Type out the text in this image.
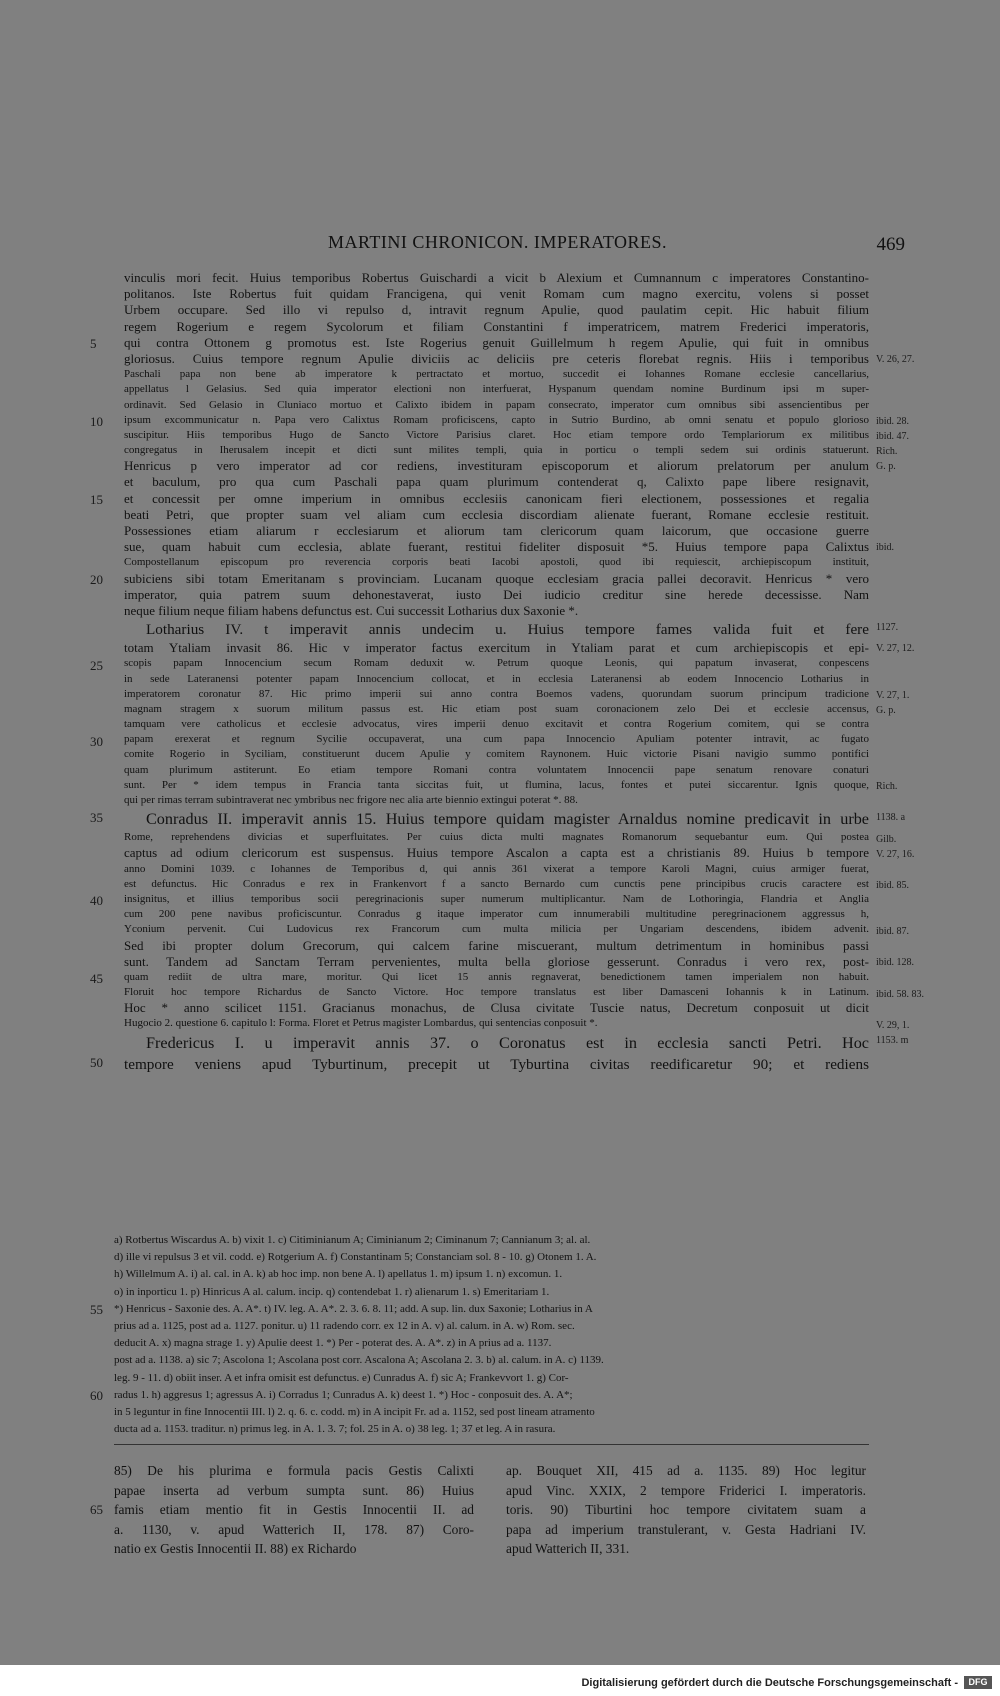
MARTINI CHRONICON. IMPERATORES.	469
vinculis mori fecit. Huius temporibus Robertus Guischardi a vicit b Alexium et Cumnannum c imperatores Constantino-
politanos. Iste Robertus fuit quidam Francigena, qui venit Romam cum magno exercitu, volens si posset
Urbem occupare. Sed illo vi repulso d, intravit regnum Apulie, quod paulatim cepit. Hic habuit filium
regem Rogerium e regem Sycolorum et filiam Constantini f imperatricem, matrem Frederici imperatoris,
qui contra Ottonem g promotus est. Iste Rogerius genuit Guillelmum h regem Apulie, qui fuit in omnibus
gloriosus. Cuius tempore regnum Apulie diviciis ac deliciis pre ceteris florebat regnis. Hiis i temporibus
Paschali papa non bene ab imperatore k pertractato et mortuo, succedit ei Iohannes Romane ecclesie cancellarius,
appellatus l Gelasius. Sed quia imperator electioni non interfuerat, Hyspanum quendam nomine Burdinum ipsi m super-
ordinavit. Sed Gelasio in Cluniaco mortuo et Calixto ibidem in papam consecrato, imperator cum omnibus sibi assencientibus per
ipsum excommunicatur n. Papa vero Calixtus Romam proficiscens, capto in Sutrio Burdino, ab omni senatu et populo glorioso
suscipitur. Hiis temporibus Hugo de Sancto Victore Parisius claret. Hoc etiam tempore ordo Templariorum ex militibus
congregatus in Iherusalem incepit et dicti sunt milites templi, quia in porticu o templi sedem sui ordinis statuerunt.
Henricus p vero imperator ad cor rediens, investituram episcoporum et aliorum prelatorum per anulum
et baculum, pro qua cum Paschali papa quam plurimum contenderat q, Calixto pape libere resignavit,
et concessit per omne imperium in omnibus ecclesiis canonicam fieri electionem, possessiones et regalia
beati Petri, que propter suam vel aliam cum ecclesia discordiam alienate fuerant, Romane ecclesie restituit.
Possessiones etiam aliarum r ecclesiarum et aliorum tam clericorum quam laicorum, que occasione guerre
sue, quam habuit cum ecclesia, ablate fuerant, restitui fideliter disposuit *5. Huius tempore papa Calixtus
Compostellanum episcopum pro reverencia corporis beati Iacobi apostoli, quod ibi requiescit, archiepiscopum instituit,
subiciens sibi totam Emeritanam s provinciam. Lucanam quoque ecclesiam gracia pallei decoravit. Henricus * vero
imperator, quia patrem suum dehonestaverat, iusto Dei iudicio creditur sine herede decessisse. Nam
neque filium neque filiam habens defunctus est. Cui successit Lotharius dux Saxonie *.
Lotharius IV. t imperavit annis undecim u. Huius tempore fames valida fuit et fere
totam Ytaliam invasit 86. Hic v imperator factus exercitum in Ytaliam parat et cum archiepiscopis et epi-
scopis papam Innocencium secum Romam deduxit w. Petrum quoque Leonis, qui papatum invaserat, conpescens
in sede Lateranensi potenter papam Innocencium collocat, et in ecclesia Lateranensi ab eodem Innocencio Lotharius in
imperatorem coronatur 87. Hic primo imperii sui anno contra Boemos vadens, quorundam suorum principum tradicione
magnam stragem x suorum militum passus est. Hic etiam post suam coronacionem zelo Dei et ecclesie accensus,
tamquam vere catholicus et ecclesie advocatus, vires imperii denuo excitavit et contra Rogerium comitem, qui se contra
papam erexerat et regnum Sycilie occupaverat, una cum papa Innocencio Apuliam potenter intravit, ac fugato
comite Rogerio in Syciliam, constituerunt ducem Apulie y comitem Raynonem. Huic victorie Pisani navigio summo pontifici
quam plurimum astiterunt. Eo etiam tempore Romani contra voluntatem Innocencii pape senatum renovare conaturi
sunt. Per * idem tempus in Francia tanta siccitas fuit, ut flumina, lacus, fontes et putei siccarentur. Ignis quoque,
qui per rimas terram subintraverat nec ymbribus nec frigore nec alia arte biennio extingui poterat *. 88.
Conradus II. imperavit annis 15. Huius tempore quidam magister Arnaldus nomine predicavit in urbe
Rome, reprehendens divicias et superfluitates. Per cuius dicta multi magnates Romanorum sequebantur eum. Qui postea
captus ad odium clericorum est suspensus. Huius tempore Ascalon a capta est a christianis 89. Huius b tempore
anno Domini 1039. c Iohannes de Temporibus d, qui annis 361 vixerat a tempore Karoli Magni, cuius armiger fuerat,
est defunctus. Hic Conradus e rex in Frankenvort f a sancto Bernardo cum cunctis pene principibus crucis caractere est
insignitus, et illius temporibus socii peregrinacionis super numerum multiplicantur. Nam de Lothoringia, Flandria et Anglia
cum 200 pene navibus proficiscuntur. Conradus g itaque imperator cum innumerabili multitudine peregrinacionem aggressus h,
Yconium pervenit. Cui Ludovicus rex Francorum cum multa milicia per Ungariam descendens, ibidem advenit.
Sed ibi propter dolum Grecorum, qui calcem farine miscuerant, multum detrimentum in hominibus passi
sunt. Tandem ad Sanctam Terram pervenientes, multa bella gloriose gesserunt. Conradus i vero rex, post-
quam rediit de ultra mare, moritur. Qui licet 15 annis regnaverat, benedictionem tamen imperialem non habuit.
Floruit hoc tempore Richardus de Sancto Victore. Hoc tempore translatus est liber Damasceni Iohannis k in Latinum.
Hoc * anno scilicet 1151. Gracianus monachus, de Clusa civitate Tuscie natus, Decretum conposuit ut dicit
Hugocio 2. questione 6. capitulo l: Forma. Floret et Petrus magister Lombardus, qui sentencias conposuit *.
Fredericus I. u imperavit annis 37. o Coronatus est in ecclesia sancti Petri. Hoc
tempore veniens apud Tyburtinum, precepit ut Tyburtina civitas reedificaretur 90; et rediens
5
V. 26, 27.
10	ibid. 28.
ibid. 47.
Rich.
G. p.
15
ibid.
20
1127.
V. 27, 12.
25
V. 27, 1.
G. p.
30
Rich.
35	1138. a
Gilb.
V. 27, 16.
ibid. 85.
40
ibid. 87.
ibid. 128.
45
ibid. 58. 83.
V. 29, 1.
1153. m
50
55
60
65
a) Rotbertus Wiscardus A. b) vixit 1. c) Citiminianum A; Ciminianum 2; Ciminanum 7; Cannianum 3; al. al.
d) ille vi repulsus 3 et vil. codd. e) Rotgerium A. f) Constantinam 5; Constanciam sol. 8 - 10. g) Otonem 1. A.
h) Willelmum A. i) al. cal. in A. k) ab hoc imp. non bene A. l) apellatus 1. m) ipsum 1. n) excomun. 1.
o) in inporticu 1. p) Hinricus A al. calum. incip. q) contendebat 1. r) alienarum 1. s) Emeritariam 1.
*) Henricus - Saxonie des. A. A*. t) IV. leg. A. A*. 2. 3. 6. 8. 11; add. A sup. lin. dux Saxonie; Lotharius in A
prius ad a. 1125, post ad a. 1127. ponitur. u) 11 radendo corr. ex 12 in A. v) al. calum. in A. w) Rom. sec.
deducit A. x) magna strage 1. y) Apulie deest 1. *) Per - poterat des. A. A*. z) in A prius ad a. 1137.
post ad a. 1138. a) sic 7; Ascolona 1; Ascolana post corr. Ascalona A; Ascolana 2. 3. b) al. calum. in A. c) 1139.
leg. 9 - 11. d) obiit inser. A et infra omisit est defunctus. e) Cunradus A. f) sic A; Frankevvort 1. g) Cor-
radus 1. h) aggresus 1; agressus A. i) Corradus 1; Cunradus A. k) deest 1. *) Hoc - conposuit des. A. A*;
in 5 leguntur in fine Innocentii III. l) 2. q. 6. c. codd. m) in A incipit Fr. ad a. 1152, sed post lineam atramento
ducta ad a. 1153. traditur. n) primus leg. in A. 1. 3. 7; fol. 25 in A. o) 38 leg. 1; 37 et leg. A in rasura.
85) De his plurima e formula pacis Gestis Calixti
papae inserta ad verbum sumpta sunt. 86) Huius
famis etiam mentio fit in Gestis Innocentii II. ad
a. 1130, v. apud Watterich II, 178. 87) Coro-
natio ex Gestis Innocentii II. 88) ex Richardo
ap. Bouquet XII, 415 ad a. 1135. 89) Hoc legitur
apud Vinc. XXIX, 2 tempore Friderici I. imperatoris.
toris. 90) Tiburtini hoc tempore civitatem suam a
papa ad imperium transtulerant, v. Gesta Hadriani IV.
apud Watterich II, 331.
Digitalisierung gefördert durch die Deutsche Forschungsgemeinschaft -	DFG
